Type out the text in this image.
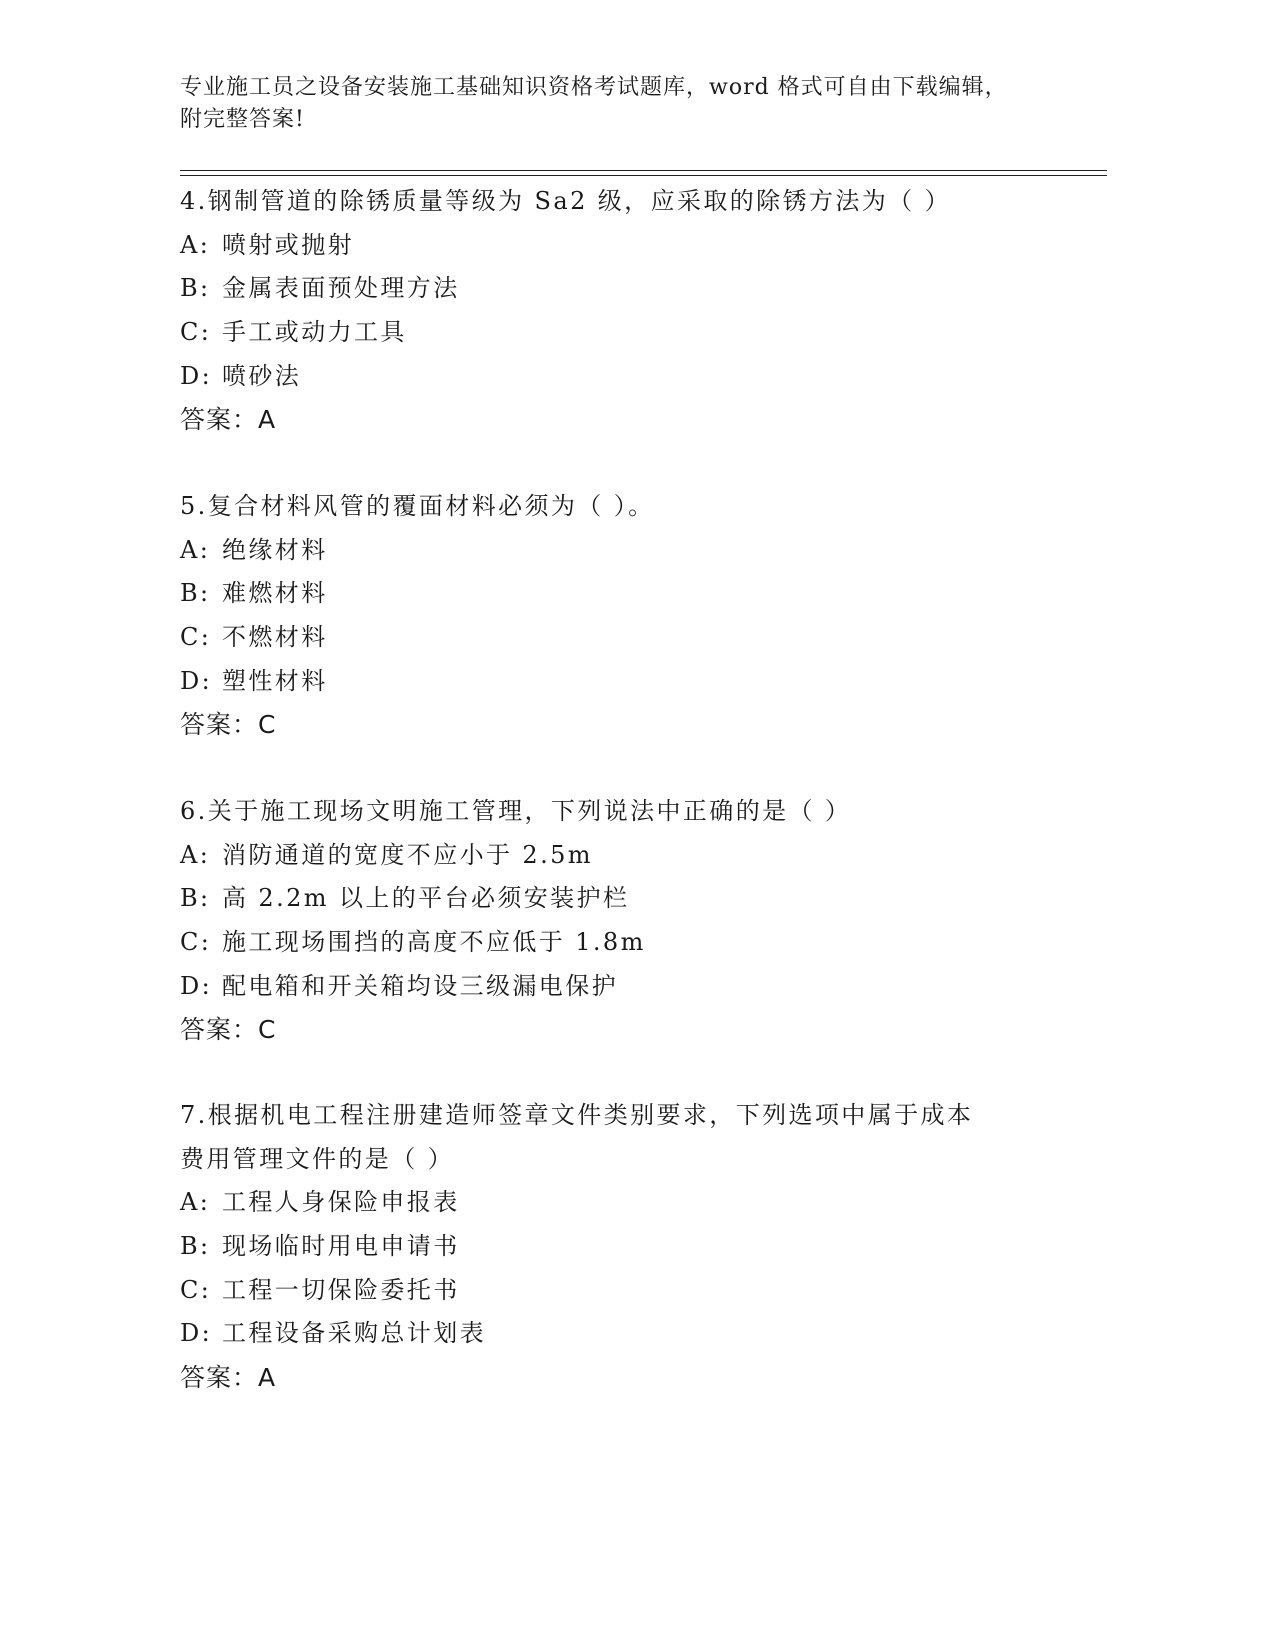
专业施工员之设备安装施工基础知识资格考试题库，word 格式可自由下载编辑，
附完整答案!
4.钢制管道的除锈质量等级为 Sa2 级，应采取的除锈方法为（ ）
A: 喷射或抛射
B: 金属表面预处理方法
C: 手工或动力工具
D: 喷砂法
答案：A
5.复合材料风管的覆面材料必须为（ ）。
A: 绝缘材料
B: 难燃材料
C: 不燃材料
D: 塑性材料
答案：C
6.关于施工现场文明施工管理，下列说法中正确的是（ ）
A: 消防通道的宽度不应小于 2.5m
B: 高 2.2m 以上的平台必须安装护栏
C: 施工现场围挡的高度不应低于 1.8m
D: 配电箱和开关箱均设三级漏电保护
答案：C
7.根据机电工程注册建造师签章文件类别要求，下列选项中属于成本
费用管理文件的是（ ）
A: 工程人身保险申报表
B: 现场临时用电申请书
C: 工程一切保险委托书
D: 工程设备采购总计划表
答案：A
